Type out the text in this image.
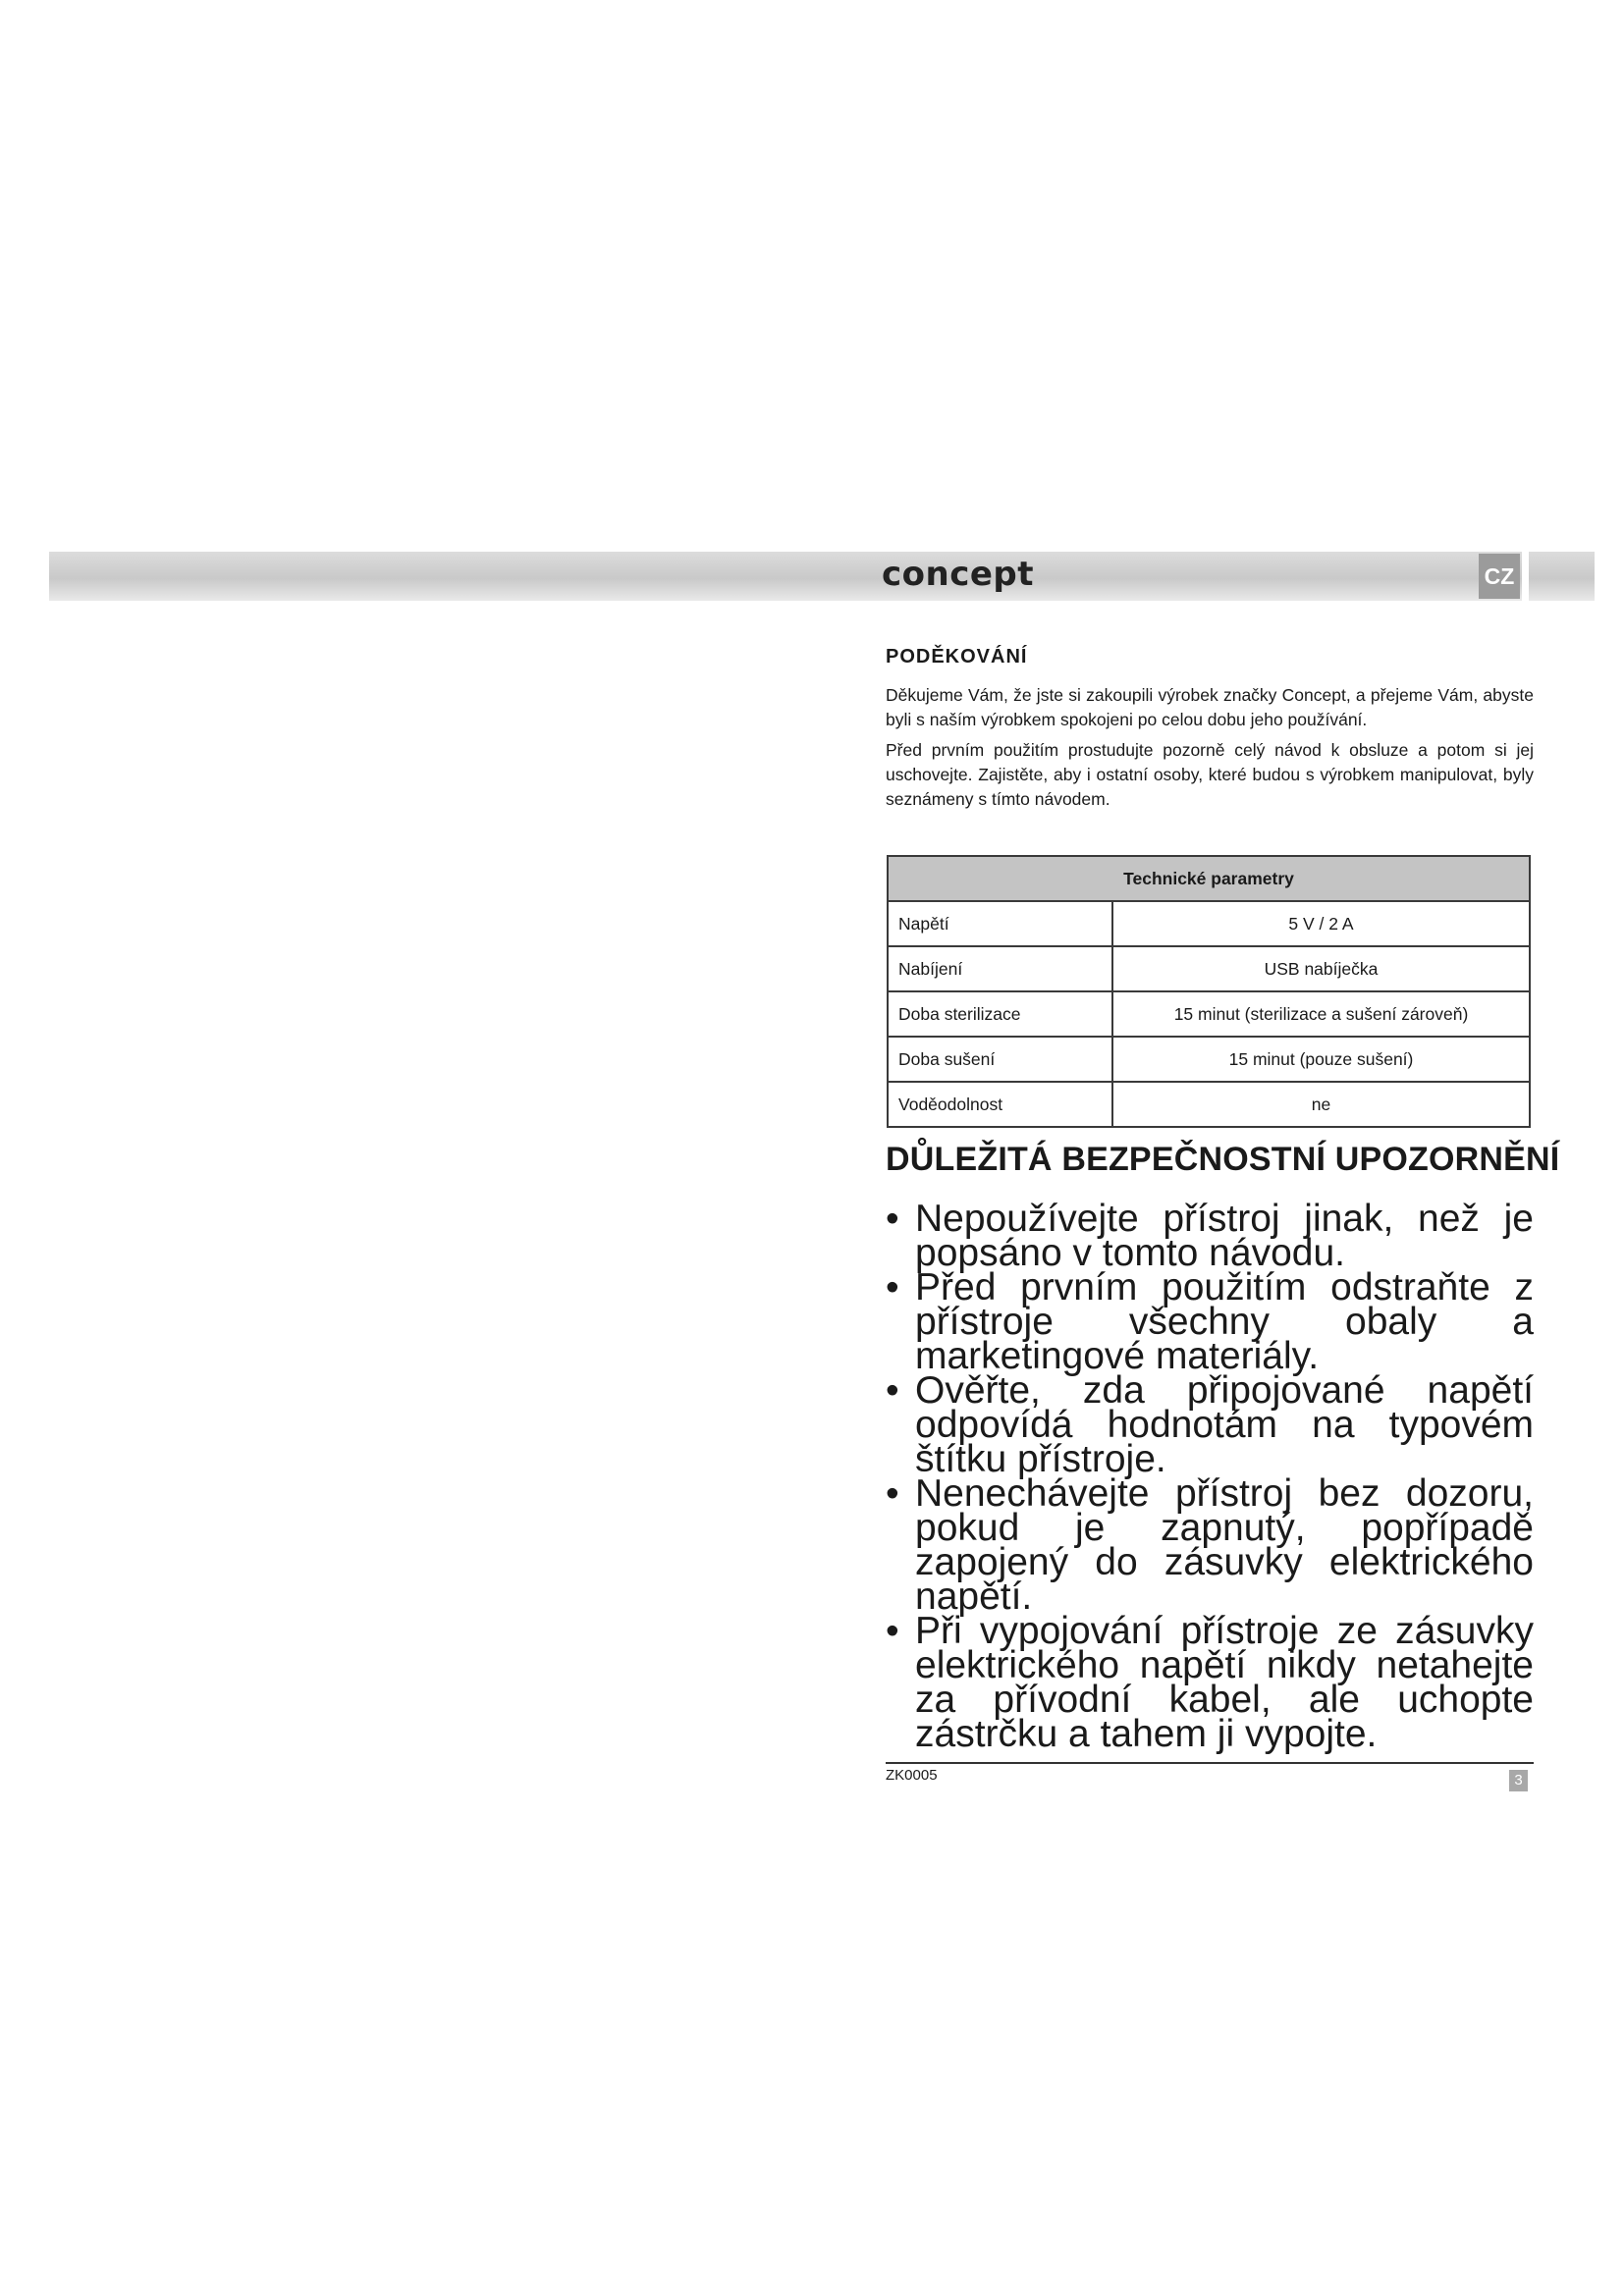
concept	CZ
PODĚKOVÁNÍ

Děkujeme Vám, že jste si zakoupili výrobek značky Concept, a přejeme Vám, abyste byli s naším výrobkem spokojeni po celou dobu jeho používání.

Před prvním použitím prostudujte pozorně celý návod k obsluze a potom si jej uschovejte. Zajistěte, aby i ostatní osoby, které budou s výrobkem manipulovat, byly seznámeny s tímto návodem.

Technické parametry	
Napětí	5 V / 2 A
Nabíjení	USB nabíječka
Doba sterilizace	15 minut (sterilizace a sušení zároveň)
Doba sušení	15 minut (pouze sušení)
Voděodolnost	ne
DŮLEŽITÁ BEZPEČNOSTNÍ UPOZORNĚNÍ
• Nepoužívejte přístroj jinak, než je popsáno v tomto návodu.
• Před prvním použitím odstraňte z přístroje všechny obaly a marketingové materiály.
• Ověřte, zda připojované napětí odpovídá hodnotám na typovém štítku přístroje.
• Nenechávejte přístroj bez dozoru, pokud je zapnutý, popřípadě zapojený do zásuvky elektrického napětí.
• Při vypojování přístroje ze zásuvky elektrického napětí nikdy netahejte za přívodní kabel, ale uchopte zástrčku a tahem ji vypojte.
ZK0005	3
